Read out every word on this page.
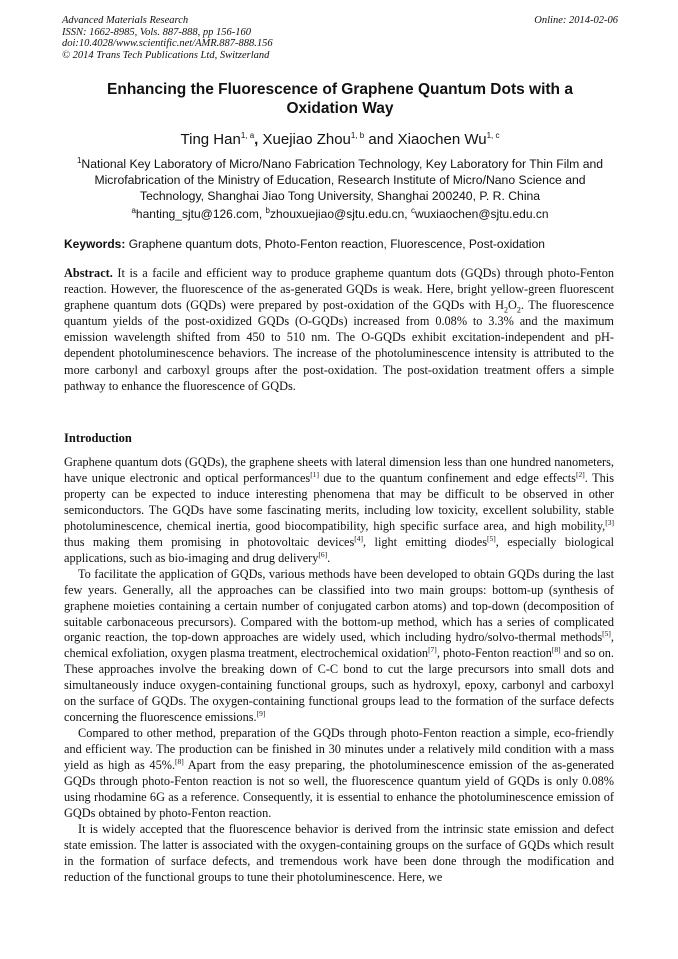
Advanced Materials Research
ISSN: 1662-8985, Vols. 887-888, pp 156-160
doi:10.4028/www.scientific.net/AMR.887-888.156
© 2014 Trans Tech Publications Ltd, Switzerland
Online: 2014-02-06
Enhancing the Fluorescence of Graphene Quantum Dots with a
Oxidation Way
Ting Han$^{1, a}$, Xuejiao Zhou$^{1, b}$ and Xiaochen Wu$^{1, c}$
$^1$National Key Laboratory of Micro/Nano Fabrication Technology, Key Laboratory for Thin Film and Microfabrication of the Ministry of Education, Research Institute of Micro/Nano Science and Technology, Shanghai Jiao Tong University, Shanghai 200240, P. R. China
$^a$hanting_sjtu@126.com, $^b$zhouxuejiao@sjtu.edu.cn, $^c$wuxiaochen@sjtu.edu.cn
Keywords: Graphene quantum dots, Photo-Fenton reaction, Fluorescence, Post-oxidation
Abstract. It is a facile and efficient way to produce grapheme quantum dots (GQDs) through photo-Fenton reaction. However, the fluorescence of the as-generated GQDs is weak. Here, bright yellow-green fluorescent graphene quantum dots (GQDs) were prepared by post-oxidation of the GQDs with $H_2O_2$. The fluorescence quantum yields of the post-oxidized GQDs (O-GQDs) increased from 0.08% to 3.3% and the maximum emission wavelength shifted from 450 to 510 nm. The O-GQDs exhibit excitation-independent and pH-dependent photoluminescence behaviors. The increase of the photoluminescence intensity is attributed to the more carbonyl and carboxyl groups after the post-oxidation. The post-oxidation treatment offers a simple pathway to enhance the fluorescence of GQDs.
Introduction

Graphene quantum dots (GQDs), the graphene sheets with lateral dimension less than one hundred nanometers, have unique electronic and optical performances[1] due to the quantum confinement and edge effects[2]. This property can be expected to induce interesting phenomena that may be difficult to be observed in other semiconductors. The GQDs have some fascinating merits, including low toxicity, excellent solubility, stable photoluminescence, chemical inertia, good biocompatibility, high specific surface area, and high mobility,[3] thus making them promising in photovoltaic devices[4], light emitting diodes[5], especially biological applications, such as bio-imaging and drug delivery[6].

To facilitate the application of GQDs, various methods have been developed to obtain GQDs during the last few years. Generally, all the approaches can be classified into two main groups: bottom-up (synthesis of graphene moieties containing a certain number of conjugated carbon atoms) and top-down (decomposition of suitable carbonaceous precursors). Compared with the bottom-up method, which has a series of complicated organic reaction, the top-down approaches are widely used, which including hydro/solvo-thermal methods[5], chemical exfoliation, oxygen plasma treatment, electrochemical oxidation[7], photo-Fenton reaction[8] and so on. These approaches involve the breaking down of C-C bond to cut the large precursors into small dots and simultaneously induce oxygen-containing functional groups, such as hydroxyl, epoxy, carbonyl and carboxyl on the surface of GQDs. The oxygen-containing functional groups lead to the formation of the surface defects concerning the fluorescence emissions.[9]

Compared to other method, preparation of the GQDs through photo-Fenton reaction a simple, eco-friendly and efficient way. The production can be finished in 30 minutes under a relatively mild condition with a mass yield as high as 45%.[8] Apart from the easy preparing, the photoluminescence emission of the as-generated GQDs through photo-Fenton reaction is not so well, the fluorescence quantum yield of GQDs is only 0.08% using rhodamine 6G as a reference. Consequently, it is essential to enhance the photoluminescence emission of GQDs obtained by photo-Fenton reaction.

It is widely accepted that the fluorescence behavior is derived from the intrinsic state emission and defect state emission. The latter is associated with the oxygen-containing groups on the surface of GQDs which result in the formation of surface defects, and tremendous work have been done through the modification and reduction of the functional groups to tune their photoluminescence. Here, we
